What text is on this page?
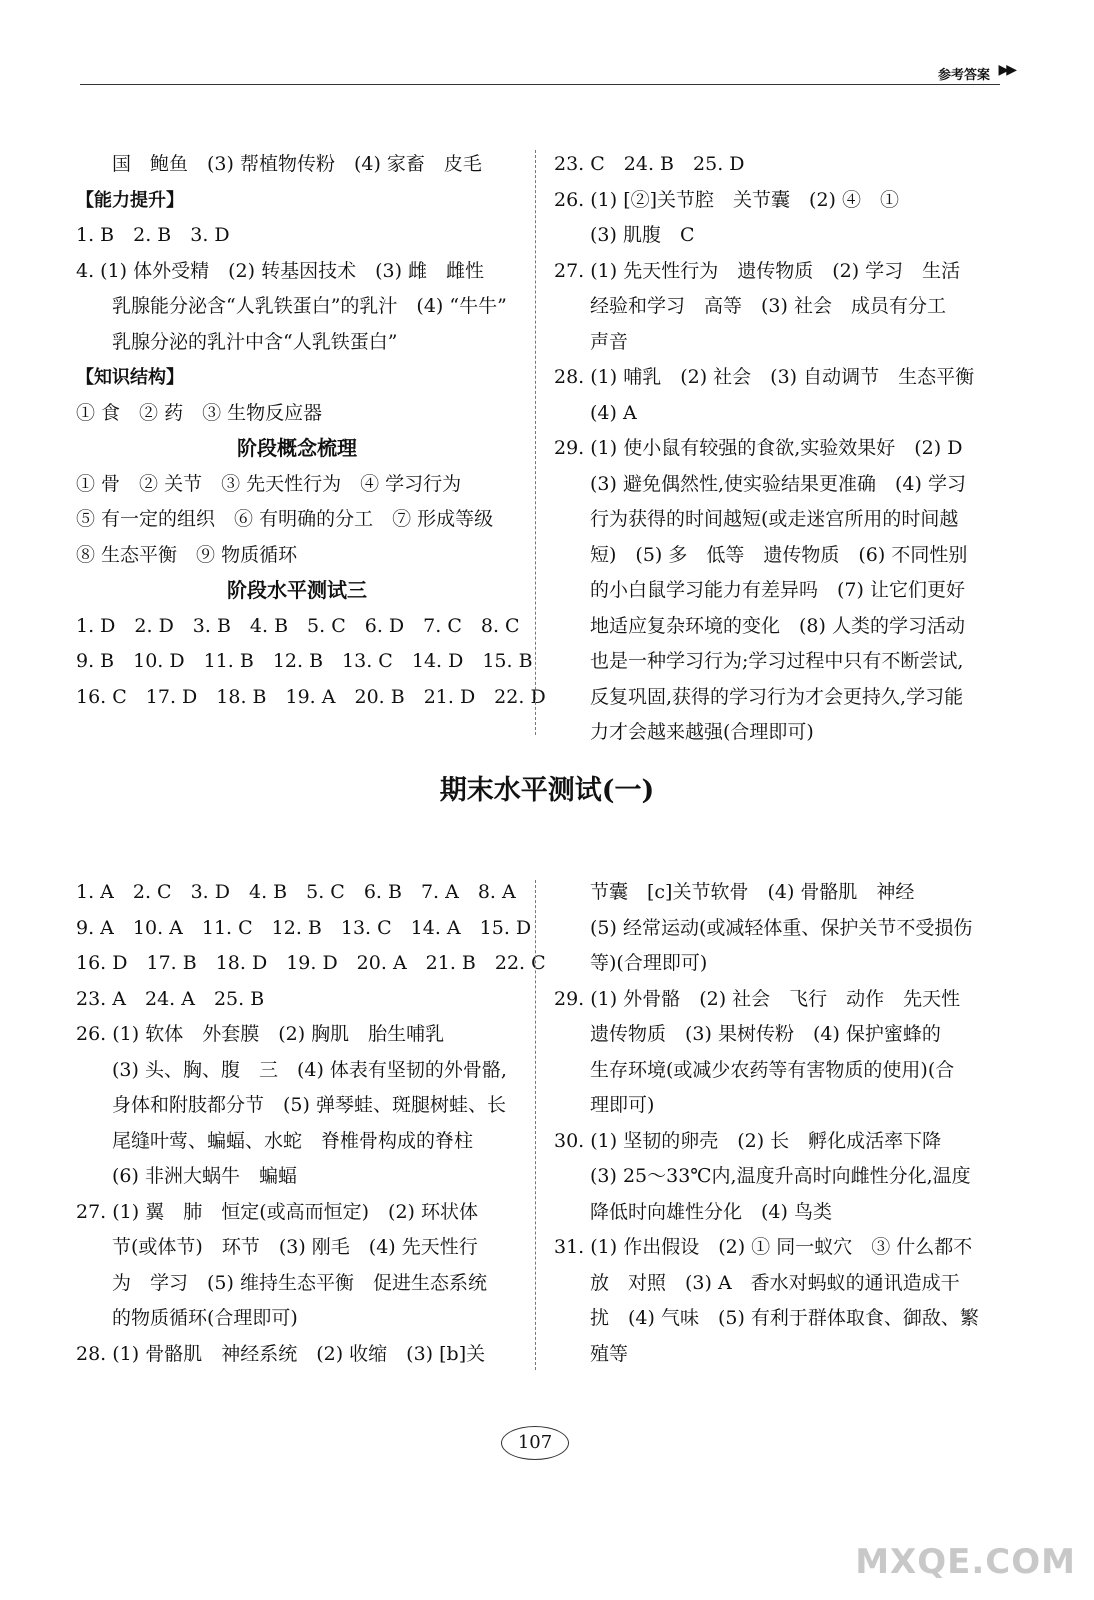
参考答案 ▶▶

国　鲍鱼　(3) 帮植物传粉　(4) 家畜　皮毛

【能力提升】

1. B　2. B　3. D

4. (1) 体外受精　(2) 转基因技术　(3) 雌　雌性

乳腺能分泌含“人乳铁蛋白”的乳汁　(4) “牛牛”

乳腺分泌的乳汁中含“人乳铁蛋白”

【知识结构】

① 食　② 药　③ 生物反应器

阶段概念梳理

① 骨　② 关节　③ 先天性行为　④ 学习行为

⑤ 有一定的组织　⑥ 有明确的分工　⑦ 形成等级

⑧ 生态平衡　⑨ 物质循环

阶段水平测试三

1. D　2. D　3. B　4. B　5. C　6. D　7. C　8. C

9. B　10. D　11. B　12. B　13. C　14. D　15. B

16. C　17. D　18. B　19. A　20. B　21. D　22. D

23. C　24. B　25. D

26. (1) [②]关节腔　关节囊　(2) ④　①

(3) 肌腹　C

27. (1) 先天性行为　遗传物质　(2) 学习　生活

经验和学习　高等　(3) 社会　成员有分工

声音

28. (1) 哺乳　(2) 社会　(3) 自动调节　生态平衡

(4) A

29. (1) 使小鼠有较强的食欲,实验效果好　(2) D

(3) 避免偶然性,使实验结果更准确　(4) 学习

行为获得的时间越短(或走迷宫所用的时间越

短)　(5) 多　低等　遗传物质　(6) 不同性别

的小白鼠学习能力有差异吗　(7) 让它们更好

地适应复杂环境的变化　(8) 人类的学习活动

也是一种学习行为;学习过程中只有不断尝试,

反复巩固,获得的学习行为才会更持久,学习能

力才会越来越强(合理即可)

期末水平测试(一)

1. A　2. C　3. D　4. B　5. C　6. B　7. A　8. A

9. A　10. A　11. C　12. B　13. C　14. A　15. D

16. D　17. B　18. D　19. D　20. A　21. B　22. C

23. A　24. A　25. B

26. (1) 软体　外套膜　(2) 胸肌　胎生哺乳

(3) 头、胸、腹　三　(4) 体表有坚韧的外骨骼,

身体和附肢都分节　(5) 弹琴蛙、斑腿树蛙、长

尾缝叶莺、蝙蝠、水蛇　脊椎骨构成的脊柱

(6) 非洲大蜗牛　蝙蝠

27. (1) 翼　肺　恒定(或高而恒定)　(2) 环状体

节(或体节)　环节　(3) 刚毛　(4) 先天性行

为　学习　(5) 维持生态平衡　促进生态系统

的物质循环(合理即可)

28. (1) 骨骼肌　神经系统　(2) 收缩　(3) [b]关

节囊　[c]关节软骨　(4) 骨骼肌　神经

(5) 经常运动(或减轻体重、保护关节不受损伤

等)(合理即可)

29. (1) 外骨骼　(2) 社会　飞行　动作　先天性

遗传物质　(3) 果树传粉　(4) 保护蜜蜂的

生存环境(或减少农药等有害物质的使用)(合

理即可)

30. (1) 坚韧的卵壳　(2) 长　孵化成活率下降

(3) 25～33℃内,温度升高时向雌性分化,温度

降低时向雄性分化　(4) 鸟类

31. (1) 作出假设　(2) ① 同一蚁穴　③ 什么都不

放　对照　(3) A　香水对蚂蚁的通讯造成干

扰　(4) 气味　(5) 有利于群体取食、御敌、繁

殖等

107
MXQE.COM
